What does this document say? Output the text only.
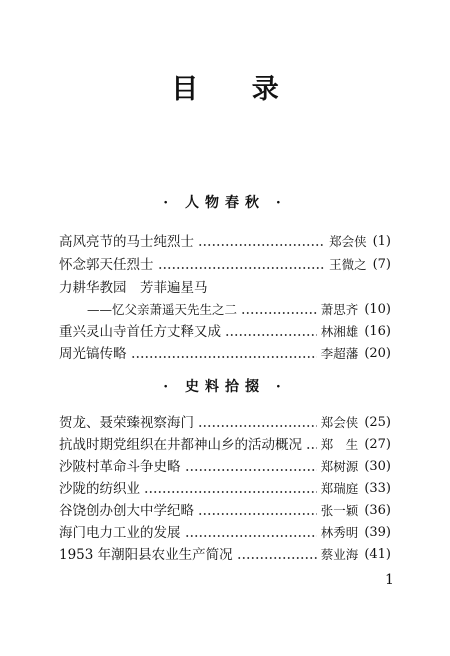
目 录
· 人物春秋 ·
高风亮节的马士纯烈士	郑会侠 (1)
怀念郭天任烈士	王微之 (7)
力耕华教园　芳菲遍星马
——忆父亲萧遥天先生之二	萧思齐 (10)
重兴灵山寺首任方丈释又成	林湘雄 (16)
周光镐传略	李超藩 (20)
· 史料拾掇 ·
贺龙、聂荣臻视察海门	郑会侠 (25)
抗战时期党组织在井都神山乡的活动概况 郑　生 (27)
沙陂村革命斗争史略	郑树源 (30)
沙陇的纺织业	郑瑞庭 (33)
谷饶创办创大中学纪略	张一颖 (36)
海门电力工业的发展	林秀明 (39)
1953 年潮阳县农业生产简况	蔡业海 (41)
1
